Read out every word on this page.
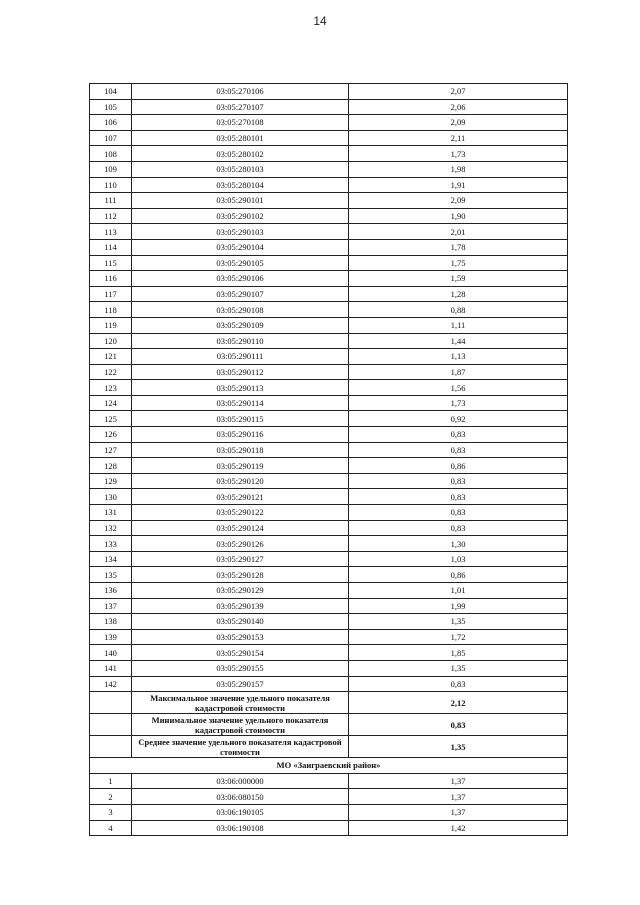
14
104	03:05:270106	2,07
105	03:05:270107	2,06
106	03:05:270108	2,09
107	03:05:280101	2,11
108	03:05:280102	1,73
109	03:05:280103	1,98
110	03:05:280104	1,91
111	03:05:290101	2,09
112	03:05:290102	1,90
113	03:05:290103	2,01
114	03:05:290104	1,78
115	03:05:290105	1,75
116	03:05:290106	1,59
117	03:05:290107	1,28
118	03:05:290108	0,88
119	03:05:290109	1,11
120	03:05:290110	1,44
121	03:05:290111	1,13
122	03:05:290112	1,87
123	03:05:290113	1,56
124	03:05:290114	1,73
125	03:05:290115	0,92
126	03:05:290116	0,83
127	03:05:290118	0,83
128	03:05:290119	0,86
129	03:05:290120	0,83
130	03:05:290121	0,83
131	03:05:290122	0,83
132	03:05:290124	0,83
133	03:05:290126	1,30
134	03:05:290127	1,03
135	03:05:290128	0,86
136	03:05:290129	1,01
137	03:05:290139	1,99
138	03:05:290140	1,35
139	03:05:290153	1,72
140	03:05:290154	1,85
141	03:05:290155	1,35
142	03:05:290157	0,83
	Максимальное значение удельного показателя кадастровой стоимости	2,12
	Минимальное значение удельного показателя кадастровой стоимости	0,83
	Среднее значение удельного показателя кадастровой стоимости	1,35
МО «Заиграевский район»		
1	03:06:000000	1,37
2	03:06:080150	1,37
3	03:06:190105	1,37
4	03:06:190108	1,42
